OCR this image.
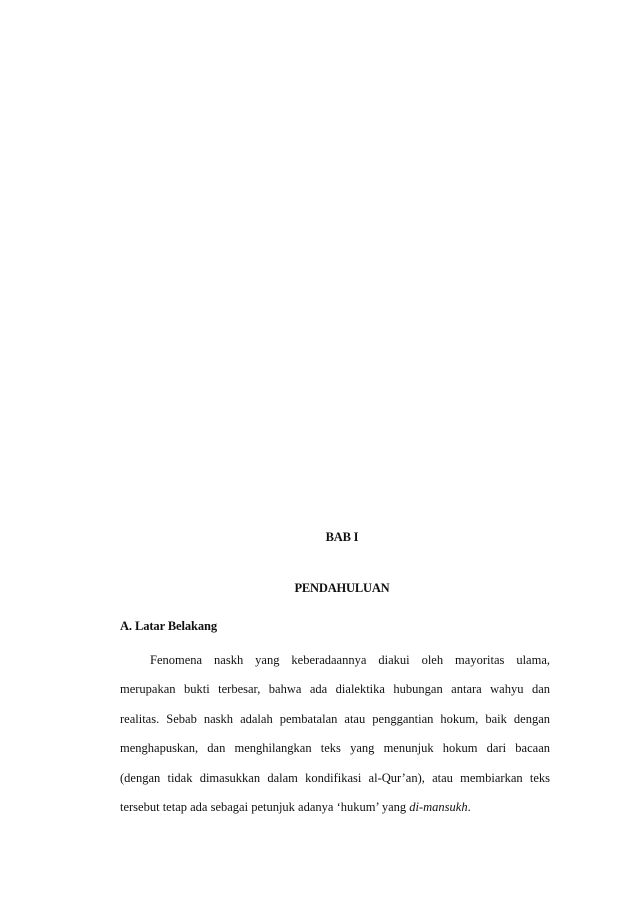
BAB I
PENDAHULUAN
A. Latar Belakang
Fenomena naskh yang keberadaannya diakui oleh mayoritas ulama,
merupakan bukti terbesar, bahwa ada dialektika hubungan antara wahyu dan
realitas. Sebab naskh adalah pembatalan atau penggantian hokum, baik dengan
menghapuskan, dan menghilangkan teks yang menunjuk hokum dari bacaan
(dengan tidak dimasukkan dalam kondifikasi al-Qur’an), atau membiarkan teks
tersebut tetap ada sebagai petunjuk adanya ‘hukum’ yang di-mansukh.
